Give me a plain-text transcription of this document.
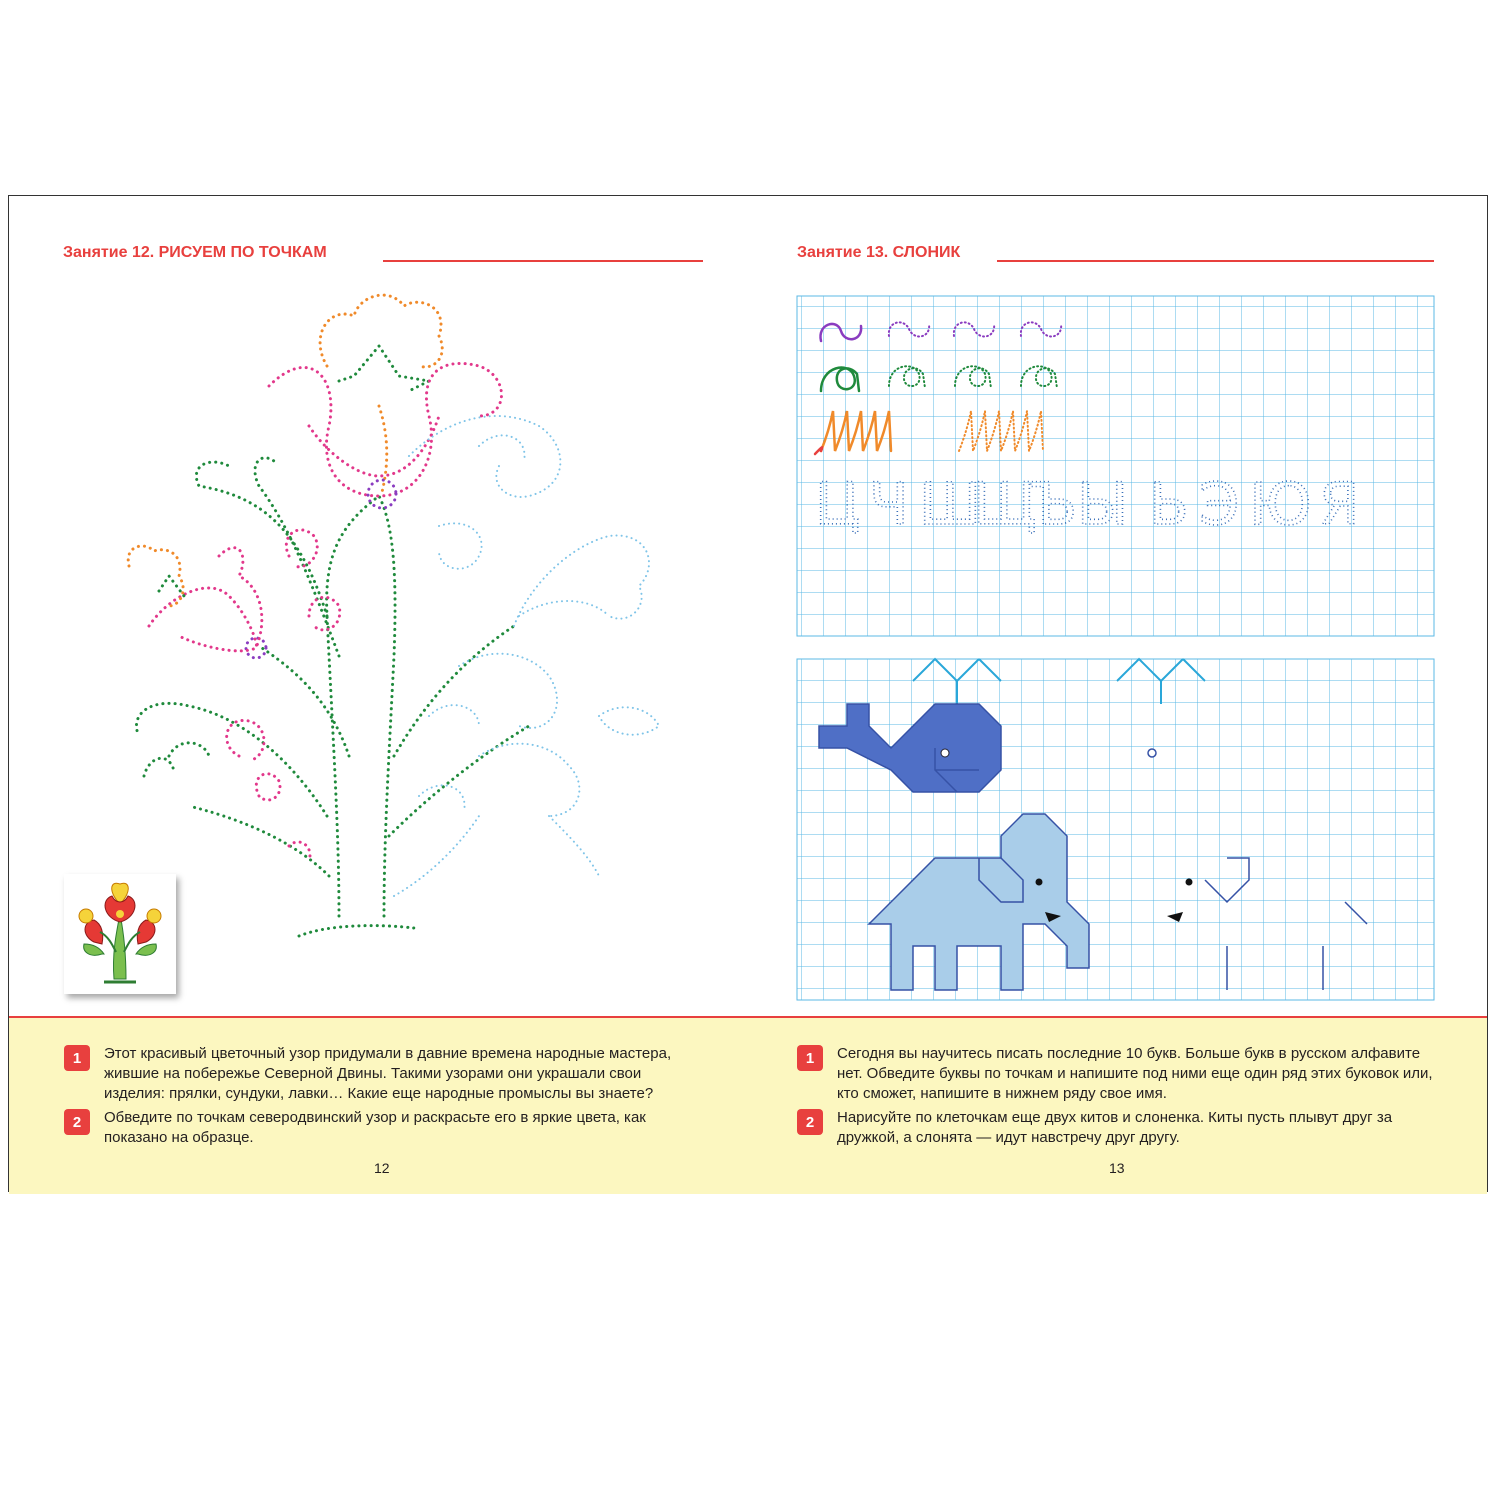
Занятие 12. РИСУЕМ ПО ТОЧКАМ	Занятие 13. СЛОНИК
Ц Ч Ш
Щ
Ъ Ы Ь Э Ю Я
1	Этот красивый цветочный узор придумали в давние времена народные мастера, жившие на побережье Северной Двины. Такими узорами они украшали свои изделия: прялки, сундуки, лавки… Какие еще народные промыслы вы знаете?
2	Обведите по точкам северодвинский узор и раскрасьте его в яркие цвета, как показано на образце.
12
1	Сегодня вы научитесь писать последние 10 букв. Больше букв в русском алфавите нет. Обведите буквы по точкам и напишите под ними еще один ряд этих буковок или, кто сможет, напишите в нижнем ряду свое имя.
2	Нарисуйте по клеточкам еще двух китов и слоненка. Киты пусть плывут друг за дружкой, а слонята — идут навстречу друг другу.
13
